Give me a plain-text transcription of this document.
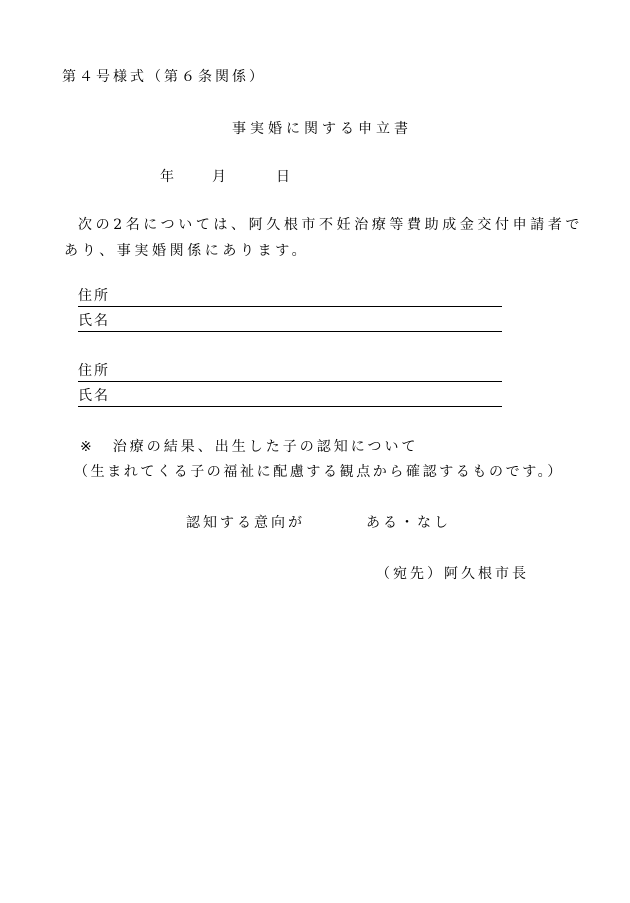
第４号様式（第６条関係）
事実婚に関する申立書
年	月	日
次の2名については、阿久根市不妊治療等費助成金交付申請者であり、事実婚関係にあります。
住所
氏名
住所
氏名
※ 治療の結果、出生した子の認知について
（生まれてくる子の福祉に配慮する観点から確認するものです。）
認知する意向が	ある・なし
（宛先）阿久根市長
